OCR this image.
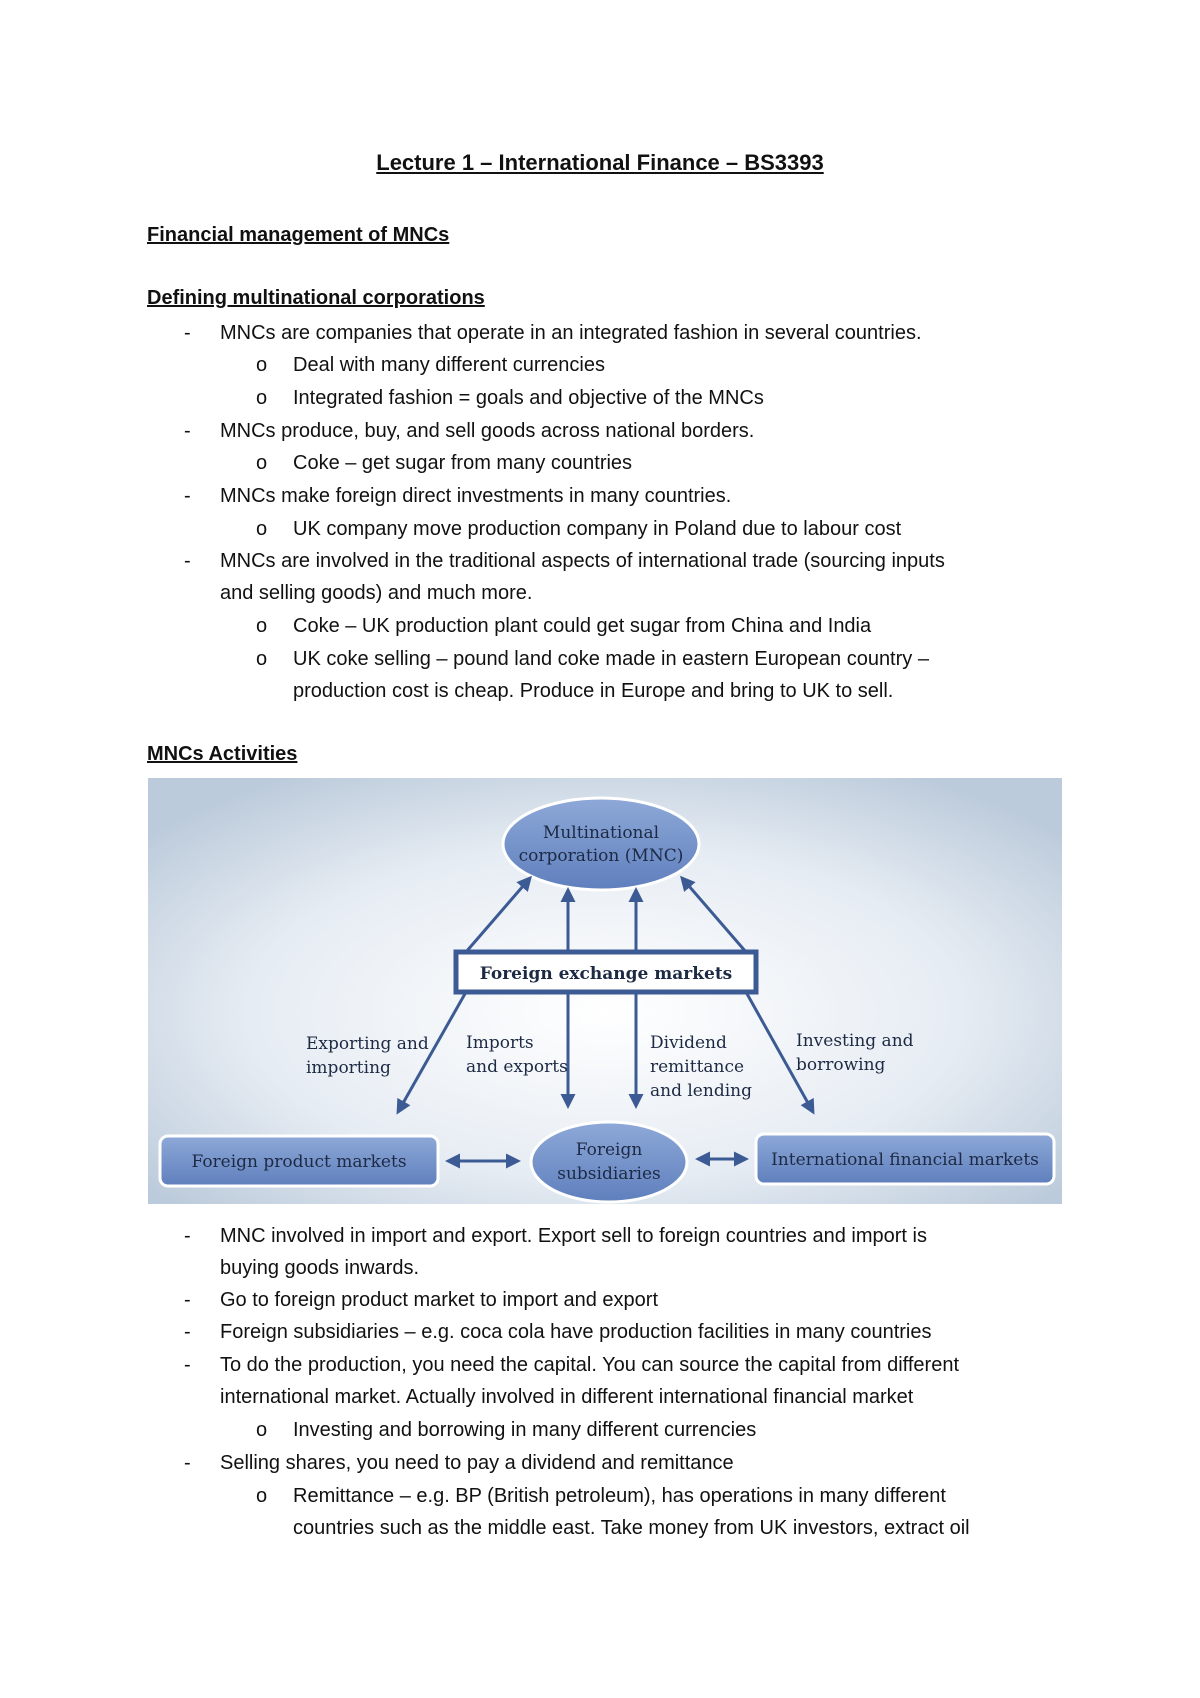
Lecture 1 – International Finance – BS3393
Financial management of MNCs
Defining multinational corporations
- MNCs are companies that operate in an integrated fashion in several countries.
o Deal with many different currencies
o Integrated fashion = goals and objective of the MNCs
- MNCs produce, buy, and sell goods across national borders.
o Coke – get sugar from many countries
- MNCs make foreign direct investments in many countries.
o UK company move production company in Poland due to labour cost
- MNCs are involved in the traditional aspects of international trade (sourcing inputs
and selling goods) and much more.
o Coke – UK production plant could get sugar from China and India
o UK coke selling – pound land coke made in eastern European country –
production cost is cheap. Produce in Europe and bring to UK to sell.
MNCs Activities
Multinational
corporation (MNC)
Foreign exchange markets
Exporting and
importing
Imports
and exports
Dividend
remittance
and lending
Investing and
borrowing
Foreign product markets
Foreign
subsidiaries
International financial markets
- MNC involved in import and export. Export sell to foreign countries and import is
buying goods inwards.
- Go to foreign product market to import and export
- Foreign subsidiaries – e.g. coca cola have production facilities in many countries
- To do the production, you need the capital. You can source the capital from different
international market. Actually involved in different international financial market
o Investing and borrowing in many different currencies
- Selling shares, you need to pay a dividend and remittance
o Remittance – e.g. BP (British petroleum), has operations in many different
countries such as the middle east. Take money from UK investors, extract oil
